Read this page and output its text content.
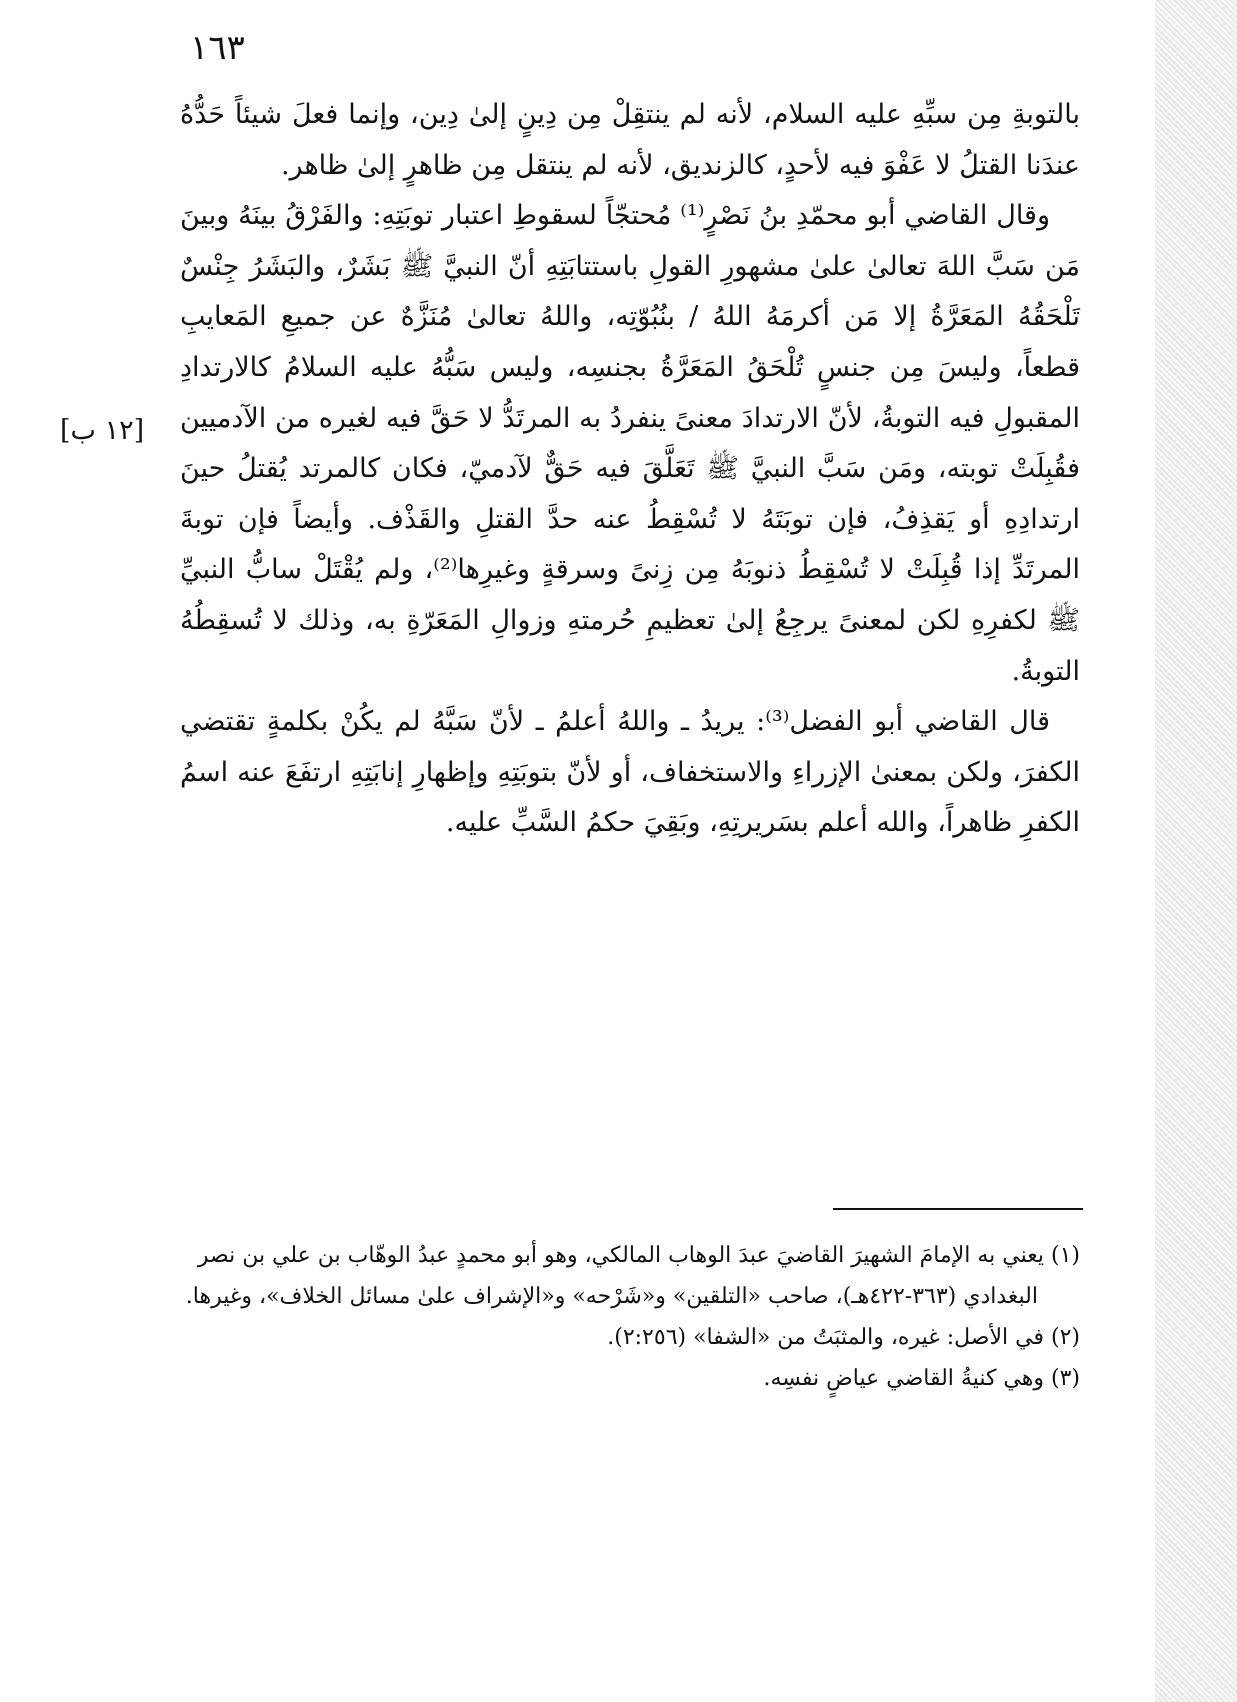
١٦٣

بالتوبةِ مِن سبِّهِ عليه السلام، لأنه لم ينتقِلْ مِن دِينٍ إلىٰ دِين، وإنما فعلَ شيئاً حَدُّهُ عندَنا القتلُ لا عَفْوَ فيه لأحدٍ، كالزنديق، لأنه لم ينتقل مِن ظاهرٍ إلىٰ ظاهر.

وقال القاضي أبو محمّدِ بنُ نَصْرٍ⁽¹⁾ مُحتجّاً لسقوطِ اعتبار توبَتِهِ: والفَرْقُ بينَهُ وبينَ مَن سَبَّ اللهَ تعالىٰ علىٰ مشهورِ القولِ باستتابَتِهِ أنّ النبيَّ ﷺ بَشَرٌ، والبَشَرُ جِنْسٌ تَلْحَقُهُ المَعَرَّةُ إلا مَن أكرمَهُ اللهُ / بنُبُوّتِه، واللهُ تعالىٰ مُنَزَّهٌ عن جميعِ المَعايبِ قطعاً، وليسَ مِن جنسٍ تُلْحَقُ المَعَرَّةُ بجنسِه، وليس سَبُّهُ عليه السلامُ كالارتدادِ المقبولِ فيه التوبةُ، لأنّ الارتدادَ معنىً ينفردُ به المرتَدُّ لا حَقَّ فيه لغيره من الآدميين فقُبِلَتْ توبته، ومَن سَبَّ النبيَّ ﷺ تَعَلَّقَ فيه حَقٌّ لآدميّ، فكان كالمرتد يُقتلُ حينَ ارتدادِهِ أو يَقذِفُ، فإن توبَتَهُ لا تُسْقِطُ عنه حدَّ القتلِ والقَذْف. وأيضاً فإن توبةَ المرتَدِّ إذا قُبِلَتْ لا تُسْقِطُ ذنوبَهُ مِن زِنىً وسرقةٍ وغيرِها⁽²⁾، ولم يُقْتَلْ سابُّ النبيِّ ﷺ لكفرِهِ لكن لمعنىً يرجِعُ إلىٰ تعظيمِ حُرمتهِ وزوالِ المَعَرّةِ به، وذلك لا تُسقِطُهُ التوبةُ.

قال القاضي أبو الفضل⁽³⁾: يريدُ ـ واللهُ أعلمُ ـ لأنّ سَبَّهُ لم يكُنْ بكلمةٍ تقتضي الكفرَ، ولكن بمعنىٰ الإزراءِ والاستخفاف، أو لأنّ بتوبَتِهِ وإظهارِ إنابَتِهِ ارتفَعَ عنه اسمُ الكفرِ ظاهراً، والله أعلم بسَريرتِهِ، وبَقِيَ حكمُ السَّبِّ عليه.

[١٢ ب]

(١) يعني به الإمامَ الشهيرَ القاضيَ عبدَ الوهاب المالكي، وهو أبو محمدٍ عبدُ الوهّاب بن علي بن نصر البغدادي (٣٦٣-٤٢٢هـ)، صاحب «التلقين» و«شَرْحه» و«الإشراف علىٰ مسائل الخلاف»، وغيرها.

(٢) في الأصل: غيره، والمثبَتُ من «الشفا» (٢:٢٥٦).

(٣) وهي كنيةُ القاضي عياضٍ نفسِه.
